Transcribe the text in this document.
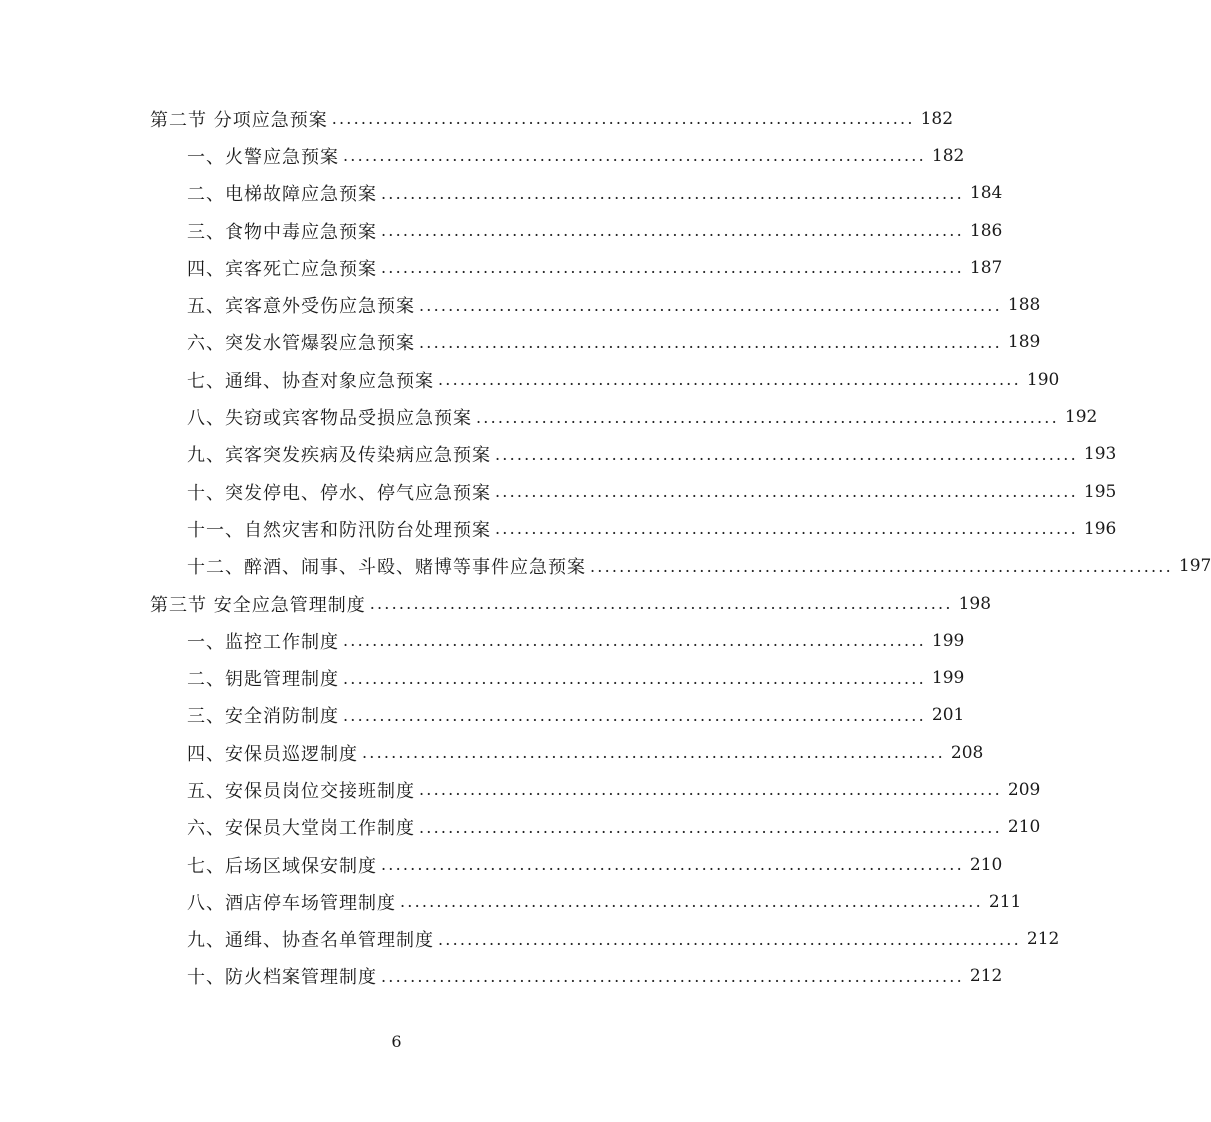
第二节 分项应急预案 ................................................................................ 182
一、火警应急预案 ................................................................................ 182
二、电梯故障应急预案 ................................................................................ 184
三、食物中毒应急预案 ................................................................................ 186
四、宾客死亡应急预案 ................................................................................ 187
五、宾客意外受伤应急预案 ................................................................................ 188
六、突发水管爆裂应急预案 ................................................................................ 189
七、通缉、协查对象应急预案 ................................................................................ 190
八、失窃或宾客物品受损应急预案 ................................................................................ 192
九、宾客突发疾病及传染病应急预案 ................................................................................ 193
十、突发停电、停水、停气应急预案 ................................................................................ 195
十一、自然灾害和防汛防台处理预案 ................................................................................ 196
十二、醉酒、闹事、斗殴、赌博等事件应急预案 ................................................................................ 197
第三节 安全应急管理制度 ................................................................................ 198
一、监控工作制度 ................................................................................ 199
二、钥匙管理制度 ................................................................................ 199
三、安全消防制度 ................................................................................ 201
四、安保员巡逻制度 ................................................................................ 208
五、安保员岗位交接班制度 ................................................................................ 209
六、安保员大堂岗工作制度 ................................................................................ 210
七、后场区域保安制度 ................................................................................ 210
八、酒店停车场管理制度 ................................................................................ 211
九、通缉、协查名单管理制度 ................................................................................ 212
十、防火档案管理制度 ................................................................................ 212
6
